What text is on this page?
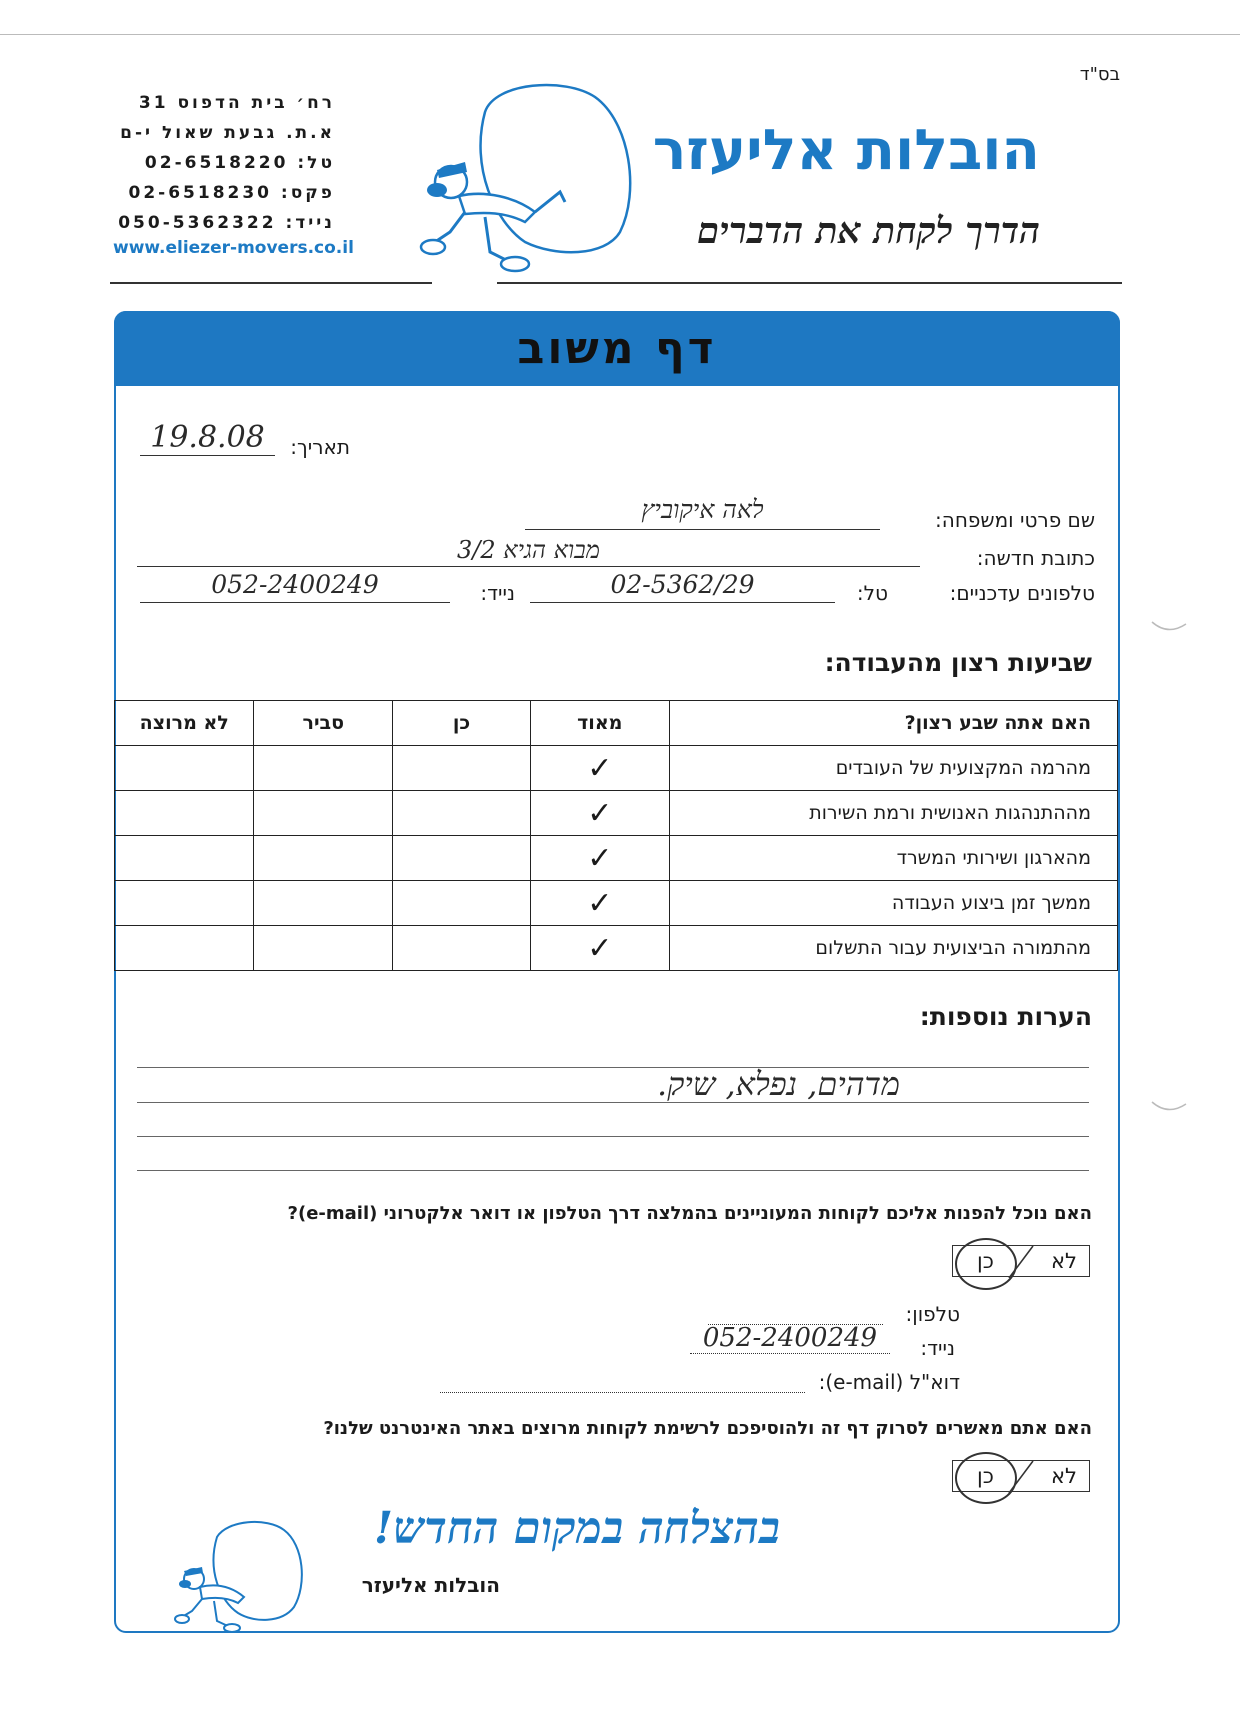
בס"ד
רח׳ בית הדפוס 31
א.ת. גבעת שאול י-ם
טל: 02-6518220
פקס: 02-6518230
נייד: 050-5362322
www.eliezer-movers.co.il
הובלות אליעזר
הדרך לקחת את הדברים
דף משוב
תאריך:
19.8.08
שם פרטי ומשפחה:
לאה איקוביץ
כתובת חדשה:
מבוא הגיא 3/2
טלפונים עדכניים:
טל:
02-5362/29
נייד:
052-2400249
שביעות רצון מהעבודה:
האם אתה שבע רצון?	מאוד	כן	סביר	לא מרוצה
מהרמה המקצועית של העובדים	✓			
מההתנהגות האנושית ורמת השירות	✓			
מהארגון ושירותי המשרד	✓			
ממשך זמן ביצוע העבודה	✓			
מהתמורה הביצועית עבור התשלום	✓			
הערות נוספות:
מדהים, נפלא, שיק.
האם נוכל להפנות אליכם לקוחות המעוניינים בהמלצה דרך הטלפון או דואר אלקטרוני (e-mail)?
לא
כן
טלפון:
נייד:
052-2400249
דוא"ל (e-mail):
האם אתם מאשרים לסרוק דף זה ולהוסיפכם לרשימת לקוחות מרוצים באתר האינטרנט שלנו?
לא
כן
בהצלחה במקום החדש!
הובלות אליעזר
